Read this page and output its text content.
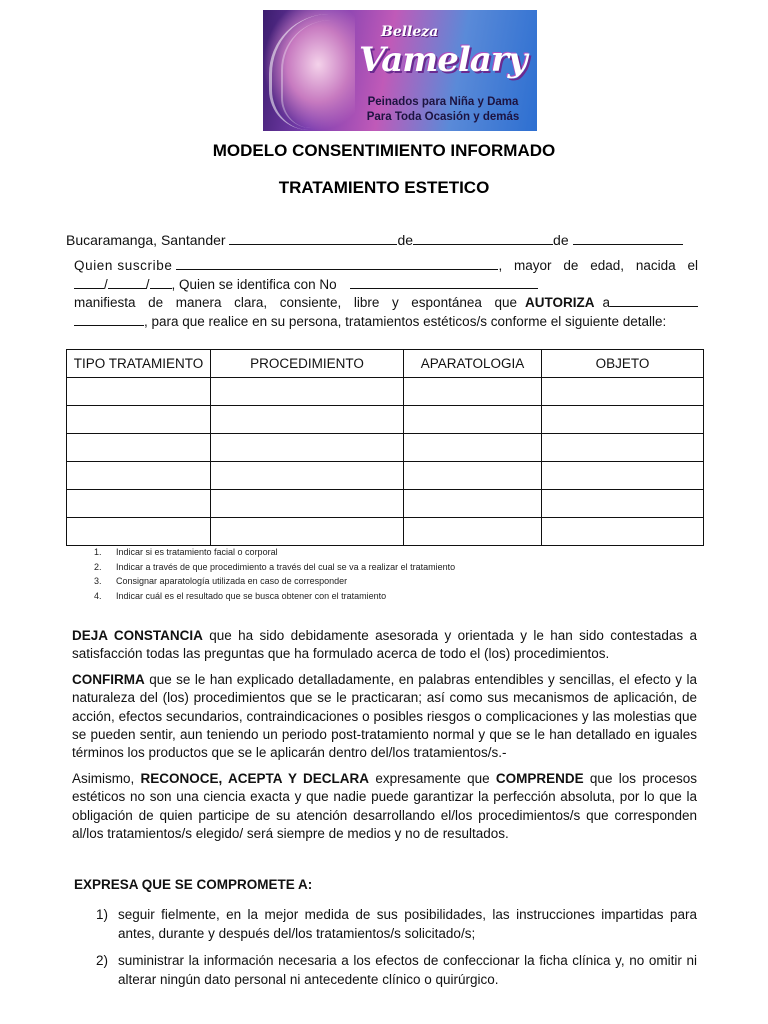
Belleza
Vamelary
Peinados para Niña y Dama
Para Toda Ocasión y demás
MODELO CONSENTIMIENTO INFORMADO
TRATAMIENTO ESTETICO
Bucaramanga, Santander	de	de
Quien suscribe	, mayor de edad, nacida el
/	/ , Quien se identifica con No
manifiesta de manera clara, consiente, libre y espontánea que AUTORIZA a
, para que realice en su persona, tratamientos estéticos/s conforme el siguiente detalle:
TIPO TRATAMIENTO	PROCEDIMIENTO	APARATOLOGIA	OBJETO

1. Indicar si es tratamiento facial o corporal
2. Indicar a través de que procedimiento a través del cual se va a realizar el tratamiento
3. Consignar aparatología utilizada en caso de corresponder
4. Indicar cuál es el resultado que se busca obtener con el tratamiento
DEJA CONSTANCIA que ha sido debidamente asesorada y orientada y le han sido contestadas a satisfacción todas las preguntas que ha formulado acerca de todo el (los) procedimientos.
CONFIRMA que se le han explicado detalladamente, en palabras entendibles y sencillas, el efecto y la naturaleza del (los) procedimientos que se le practicaran; así como sus mecanismos de aplicación, de acción, efectos secundarios, contraindicaciones o posibles riesgos o complicaciones y las molestias que se pueden sentir, aun teniendo un periodo post-tratamiento normal y que se le han detallado en iguales términos los productos que se le aplicarán dentro del/los tratamientos/s.-
Asimismo, RECONOCE, ACEPTA Y DECLARA expresamente que COMPRENDE que los procesos estéticos no son una ciencia exacta y que nadie puede garantizar la perfección absoluta, por lo que la obligación de quien participe de su atención desarrollando el/los procedimientos/s que corresponden al/los tratamientos/s elegido/ será siempre de medios y no de resultados.
EXPRESA QUE SE COMPROMETE A:
1) seguir fielmente, en la mejor medida de sus posibilidades, las instrucciones impartidas para antes, durante y después del/los tratamientos/s solicitado/s;
2) suministrar la información necesaria a los efectos de confeccionar la ficha clínica y, no omitir ni alterar ningún dato personal ni antecedente clínico o quirúrgico.
